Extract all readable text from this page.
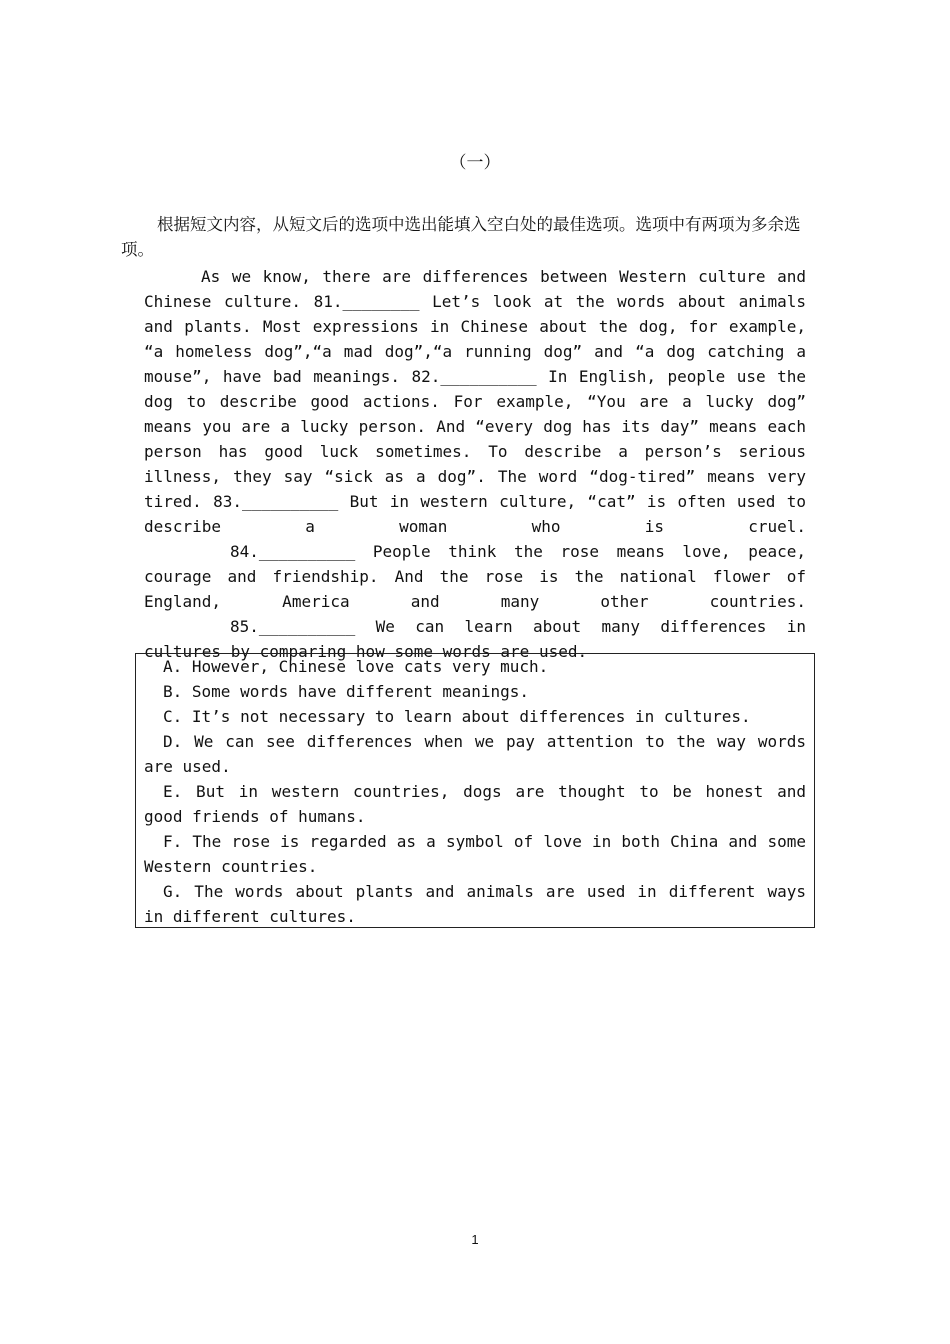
（一）
根据短文内容，从短文后的选项中选出能填入空白处的最佳选项。选项中有两项为多余选项。

As we know, there are differences between Western culture and Chinese culture. 81.________ Let’s look at the words about animals and plants. Most expressions in Chinese about the dog, for example, “a homeless dog”,“a mad dog”,“a running dog” and “a dog catching a mouse”, have bad meanings. 82.__________ In English, people use the dog to describe good actions. For example, “You are a lucky dog” means you are a lucky person. And “every dog has its day” means each person has good luck sometimes. To describe a person’s serious illness, they say “sick as a dog”. The word “dog-tired” means very tired. 83.__________ But in western culture, “cat” is often used to describe a woman who is cruel.

84.__________ People think the rose means love, peace, courage and friendship. And the rose is the national flower of England, America and many other countries.

85.__________ We can learn about many differences in cultures by comparing how some words are used.

A. However, Chinese love cats very much.
B. Some words have different meanings.
C. It’s not necessary to learn about differences in cultures.
D. We can see differences when we pay attention to the way words are used.
E. But in western countries, dogs are thought to be honest and good friends of humans.
F. The rose is regarded as a symbol of love in both China and some Western countries.
G. The words about plants and animals are used in different ways in different cultures.
1
